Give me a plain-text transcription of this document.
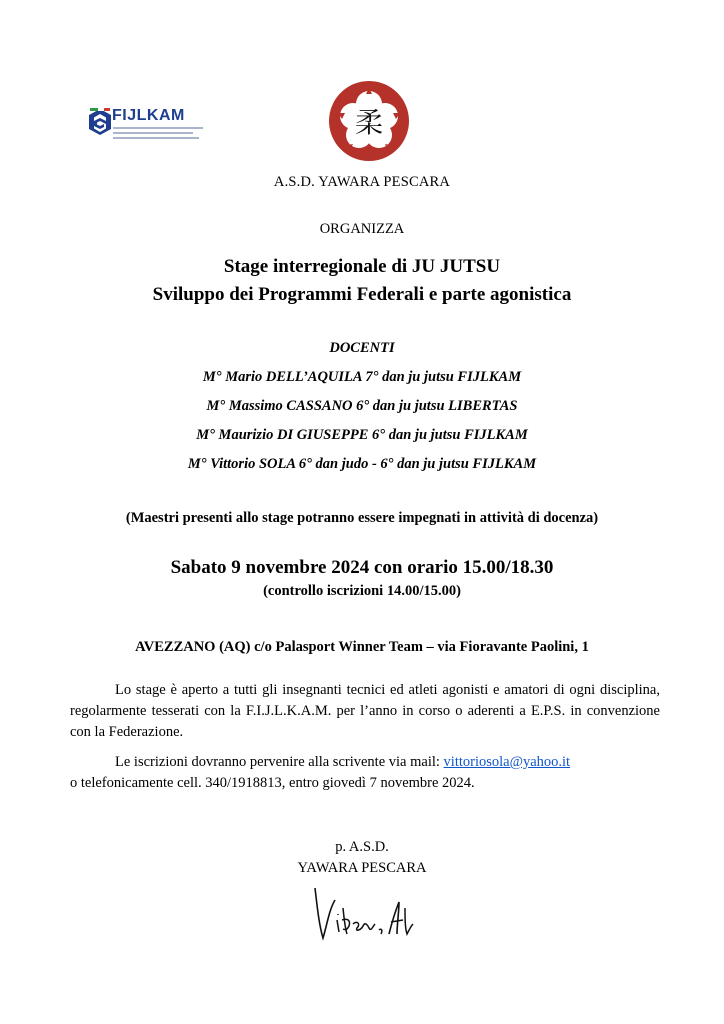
FIJLKAM	柔
A.S.D. YAWARA PESCARA
ORGANIZZA
Stage interregionale di JU JUTSU
Sviluppo dei Programmi Federali e parte agonistica
DOCENTI
M° Mario DELL’AQUILA 7° dan ju jutsu FIJLKAM
M° Massimo CASSANO 6° dan ju jutsu LIBERTAS
M° Maurizio DI GIUSEPPE 6° dan ju jutsu FIJLKAM
M° Vittorio SOLA 6° dan judo - 6° dan ju jutsu FIJLKAM
(Maestri presenti allo stage potranno essere impegnati in attività di docenza)
Sabato 9 novembre 2024 con orario 15.00/18.30
(controllo iscrizioni 14.00/15.00)
AVEZZANO (AQ) c/o Palasport Winner Team – via Fioravante Paolini, 1
Lo stage è aperto a tutti gli insegnanti tecnici ed atleti agonisti e amatori di ogni disciplina, regolarmente tesserati con la F.I.J.L.K.A.M. per l’anno in corso o aderenti a E.P.S. in convenzione con la Federazione.
Le iscrizioni dovranno pervenire alla scrivente via mail: vittoriosola@yahoo.it
o telefonicamente cell. 340/1918813, entro giovedì 7 novembre 2024.
p. A.S.D.
YAWARA PESCARA
